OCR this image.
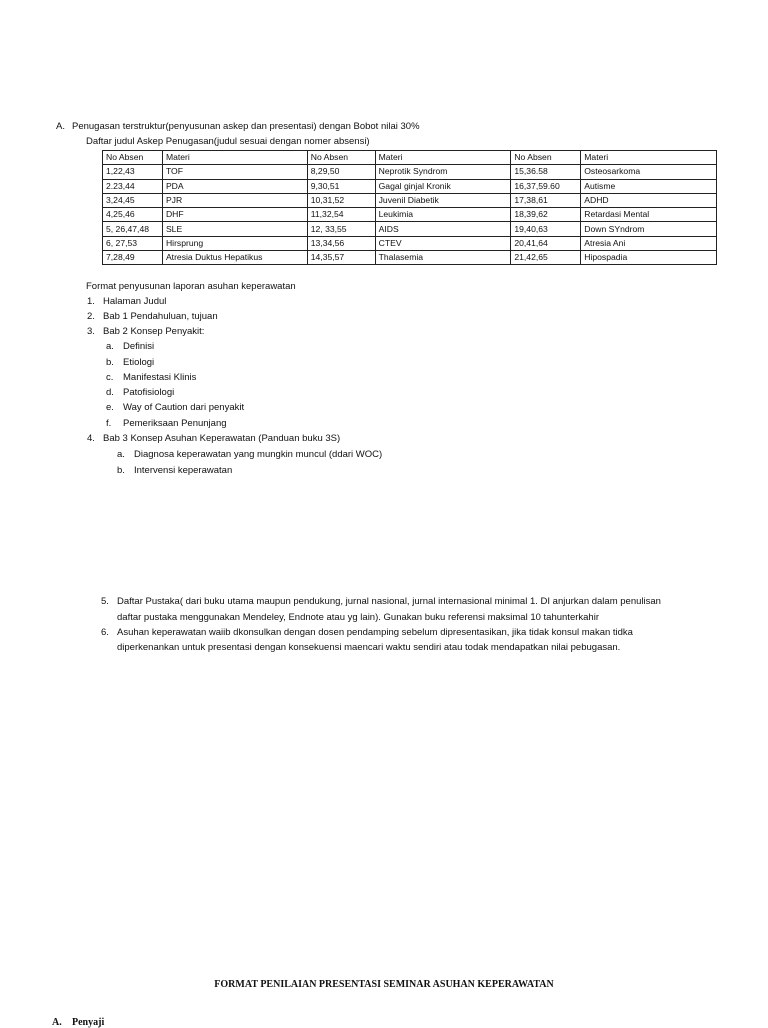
A. Penugasan terstruktur(penyusunan askep dan presentasi) dengan Bobot nilai 30%
Daftar judul Askep Penugasan(judul sesuai dengan nomer absensi)
No Absen	Materi	No Absen	Materi	No Absen	Materi
1,22,43	TOF	8,29,50	Neprotik Syndrom	15,36.58	Osteosarkoma
2.23,44	PDA	9,30,51	Gagal ginjal Kronik	16,37,59.60	Autisme
3,24,45	PJR	10,31,52	Juvenil Diabetik	17,38,61	ADHD
4,25,46	DHF	11,32,54	Leukimia	18,39,62	Retardasi Mental
5, 26,47,48	SLE	12, 33,55	AIDS	19,40,63	Down SYndrom
6, 27,53	Hirsprung	13,34,56	CTEV	20,41,64	Atresia Ani
7,28,49	Atresia Duktus Hepatikus	14,35,57	Thalasemia	21,42,65	Hipospadia
Format penyusunan laporan asuhan keperawatan
1. Halaman Judul
2. Bab 1 Pendahuluan, tujuan
3. Bab 2 Konsep Penyakit:
a. Definisi
b. Etiologi
c. Manifestasi Klinis
d. Patofisiologi
e. Way of Caution dari penyakit
f. Pemeriksaan Penunjang
4. Bab 3 Konsep Asuhan Keperawatan (Panduan buku 3S)
a. Diagnosa keperawatan yang mungkin muncul (ddari WOC)
b. Intervensi keperawatan
5. Daftar Pustaka( dari buku utama maupun pendukung, jurnal nasional, jurnal internasional minimal 1. DI anjurkan dalam penulisan
daftar pustaka menggunakan Mendeley, Endnote atau yg lain). Gunakan buku referensi maksimal 10 tahunterkahir
6. Asuhan keperawatan waiib dkonsulkan dengan dosen pendamping sebelum dipresentasikan, jika tidak konsul makan tidka
diperkenankan untuk presentasi dengan konsekuensi maencari waktu sendiri atau todak mendapatkan nilai pebugasan.
FORMAT PENILAIAN PRESENTASI SEMINAR ASUHAN KEPERAWATAN
A. Penyaji
